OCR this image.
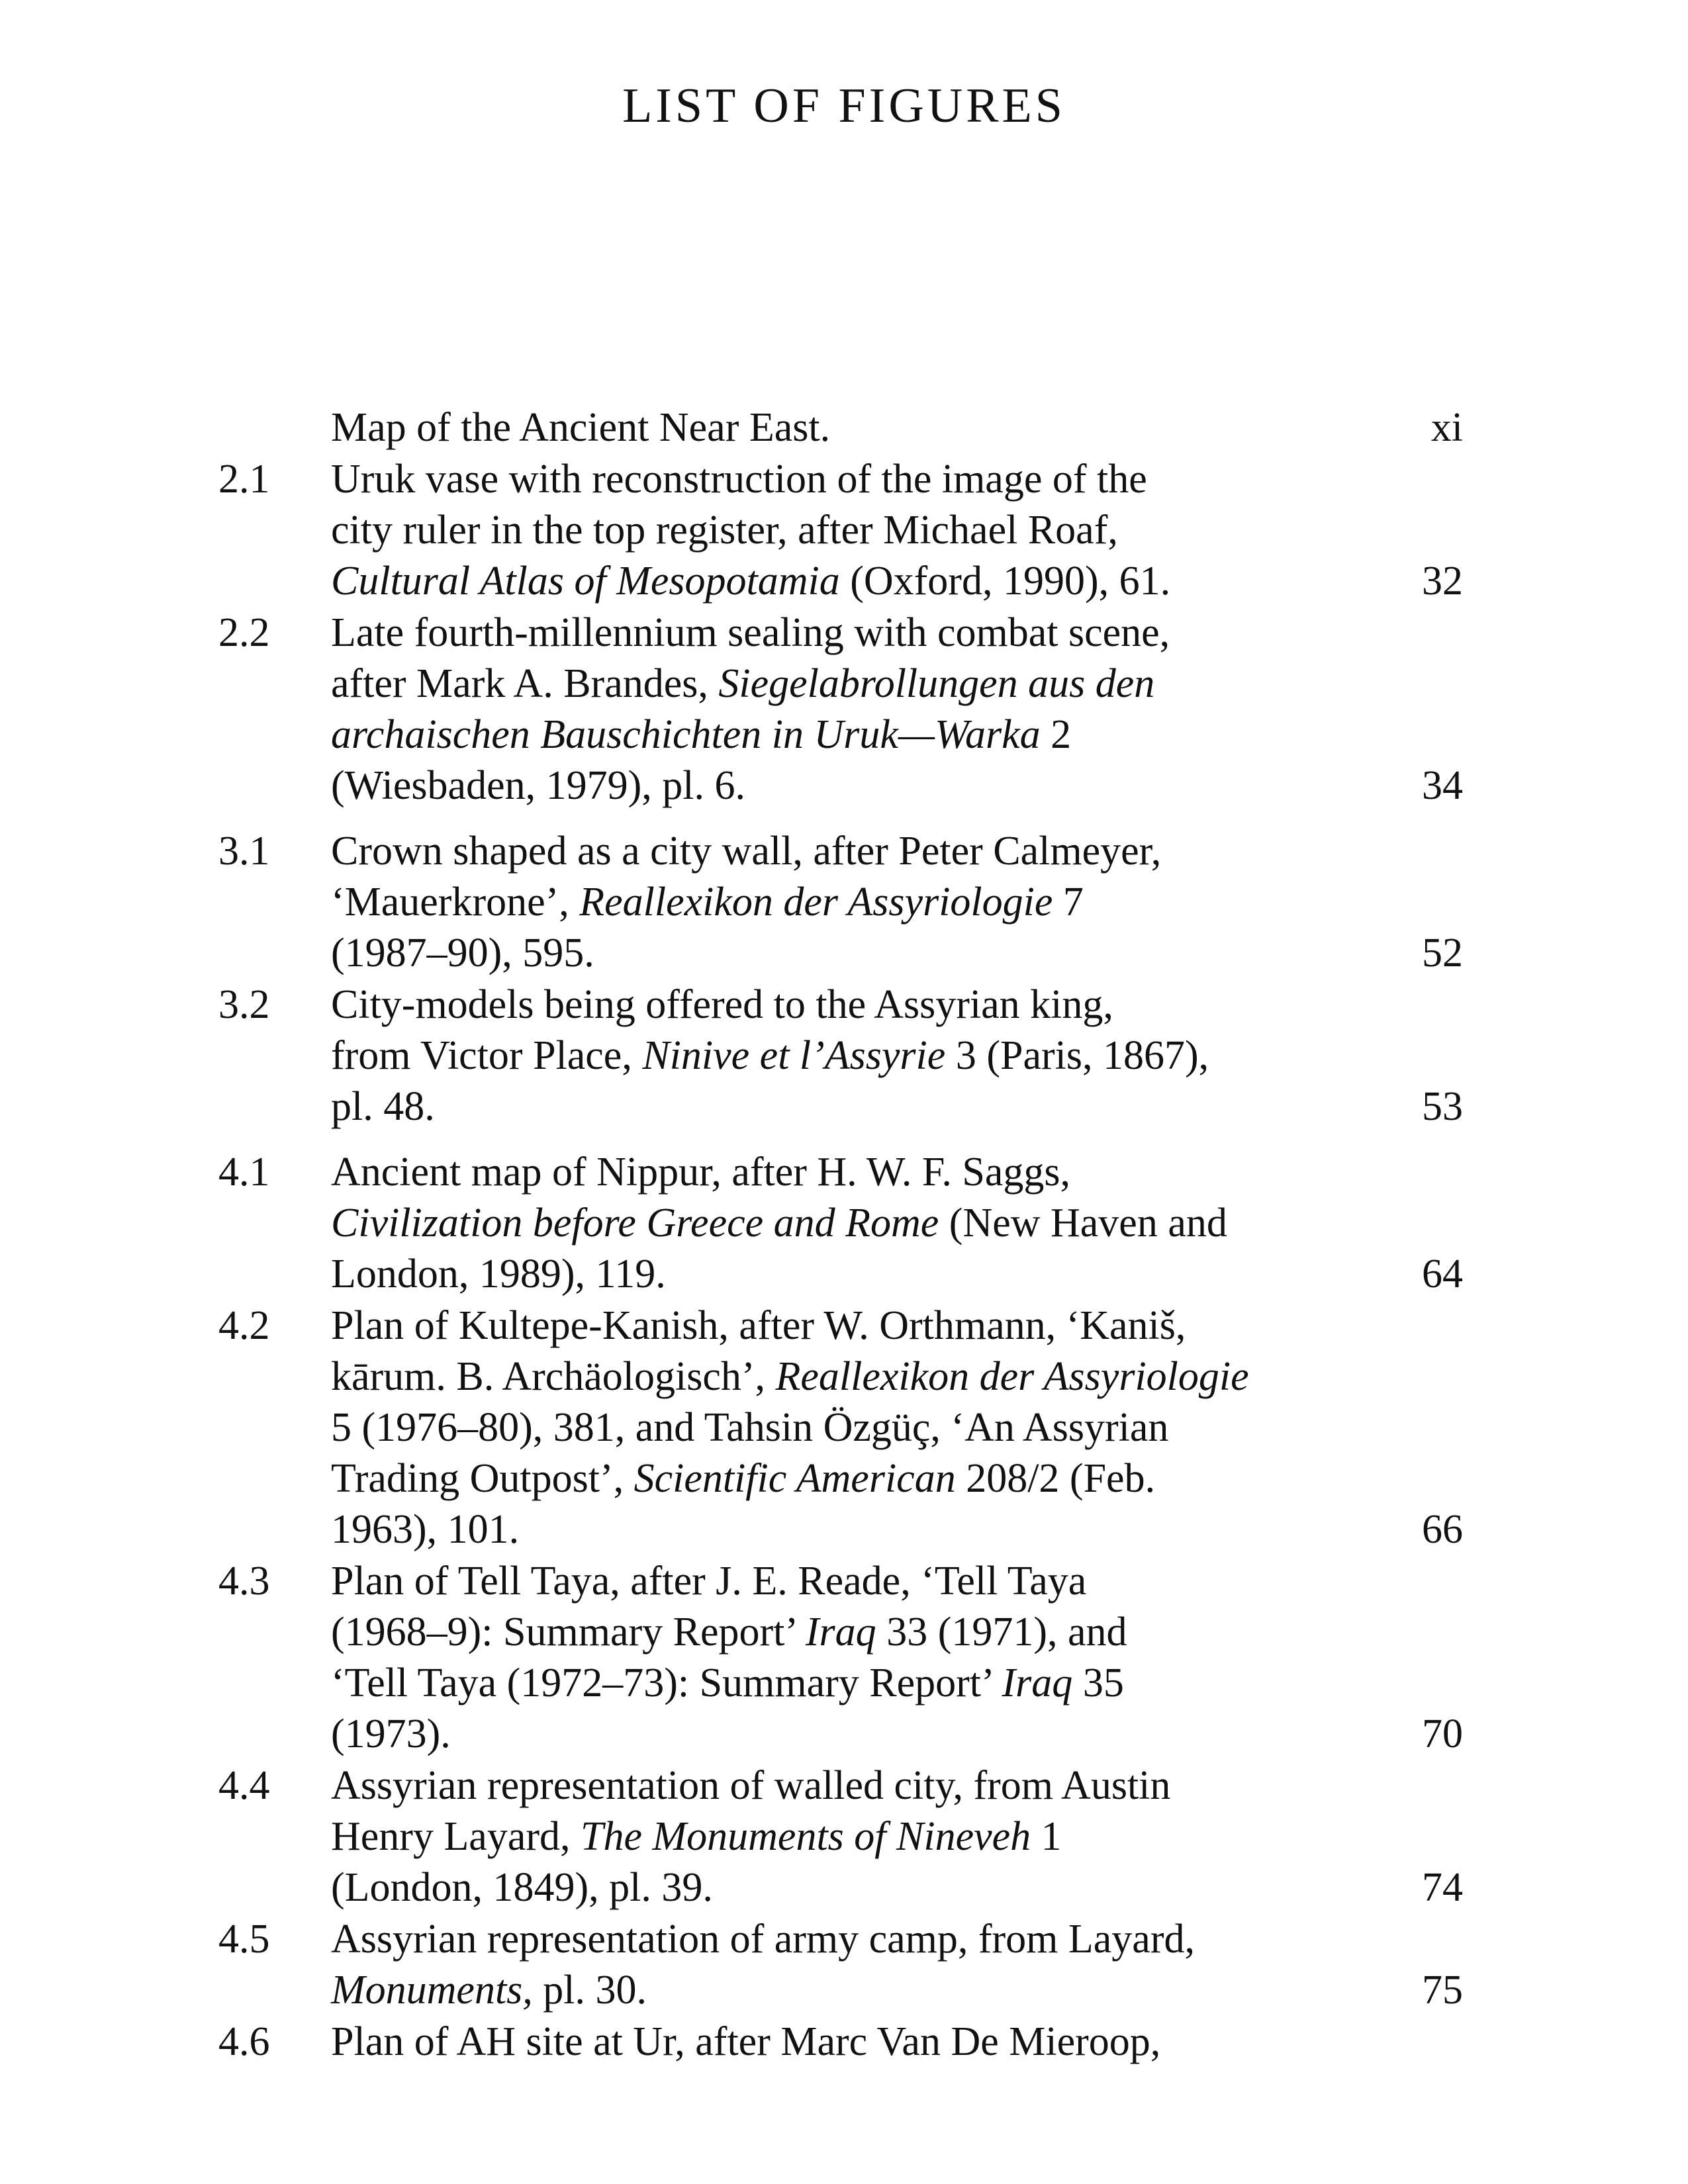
LIST OF FIGURES
Map of the Ancient Near East.	xi
2.1	Uruk vase with reconstruction of the image of the
city ruler in the top register, after Michael Roaf,
Cultural Atlas of Mesopotamia (Oxford, 1990), 61.	32
2.2	Late fourth-millennium sealing with combat scene,
after Mark A. Brandes, Siegelabrollungen aus den
archaischen Bauschichten in Uruk—Warka 2
(Wiesbaden, 1979), pl. 6.	34
3.1	Crown shaped as a city wall, after Peter Calmeyer,
‘Mauerkrone’, Reallexikon der Assyriologie 7
(1987–90), 595.	52
3.2	City-models being offered to the Assyrian king,
from Victor Place, Ninive et l’Assyrie 3 (Paris, 1867),
pl. 48.	53
4.1	Ancient map of Nippur, after H. W. F. Saggs,
Civilization before Greece and Rome (New Haven and
London, 1989), 119.	64
4.2	Plan of Kultepe-Kanish, after W. Orthmann, ‘Kaniš,
kārum. B. Archäologisch’, Reallexikon der Assyriologie
5 (1976–80), 381, and Tahsin Özgüç, ‘An Assyrian
Trading Outpost’, Scientific American 208/2 (Feb.
1963), 101.	66
4.3	Plan of Tell Taya, after J. E. Reade, ‘Tell Taya
(1968–9): Summary Report’ Iraq 33 (1971), and
‘Tell Taya (1972–73): Summary Report’ Iraq 35
(1973).	70
4.4	Assyrian representation of walled city, from Austin
Henry Layard, The Monuments of Nineveh 1
(London, 1849), pl. 39.	74
4.5	Assyrian representation of army camp, from Layard,
Monuments, pl. 30.	75
4.6	Plan of AH site at Ur, after Marc Van De Mieroop,
